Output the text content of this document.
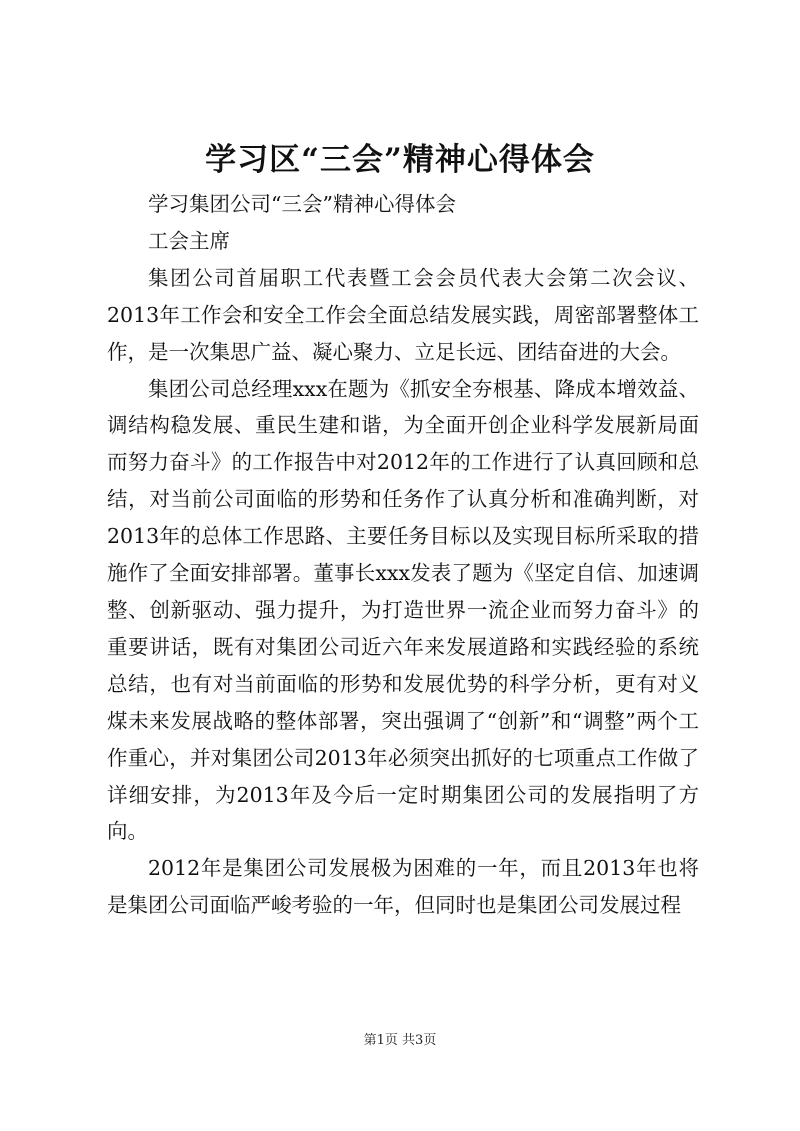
学习区“三会”精神心得体会

学习集团公司“三会”精神心得体会

工会主席

集团公司首届职工代表暨工会会员代表大会第二次会议、2013年工作会和安全工作会全面总结发展实践，周密部署整体工作，是一次集思广益、凝心聚力、立足长远、团结奋进的大会。

集团公司总经理xxx在题为《抓安全夯根基、降成本增效益、调结构稳发展、重民生建和谐，为全面开创企业科学发展新局面而努力奋斗》的工作报告中对2012年的工作进行了认真回顾和总结，对当前公司面临的形势和任务作了认真分析和准确判断，对2013年的总体工作思路、主要任务目标以及实现目标所采取的措施作了全面安排部署。董事长xxx发表了题为《坚定自信、加速调整、创新驱动、强力提升，为打造世界一流企业而努力奋斗》的重要讲话，既有对集团公司近六年来发展道路和实践经验的系统总结，也有对当前面临的形势和发展优势的科学分析，更有对义煤未来发展战略的整体部署，突出强调了“创新”和“调整”两个工作重心，并对集团公司2013年必须突出抓好的七项重点工作做了详细安排，为2013年及今后一定时期集团公司的发展指明了方向。

2012年是集团公司发展极为困难的一年，而且2013年也将是集团公司面临严峻考验的一年，但同时也是集团公司发展过程

第1页 共3页
